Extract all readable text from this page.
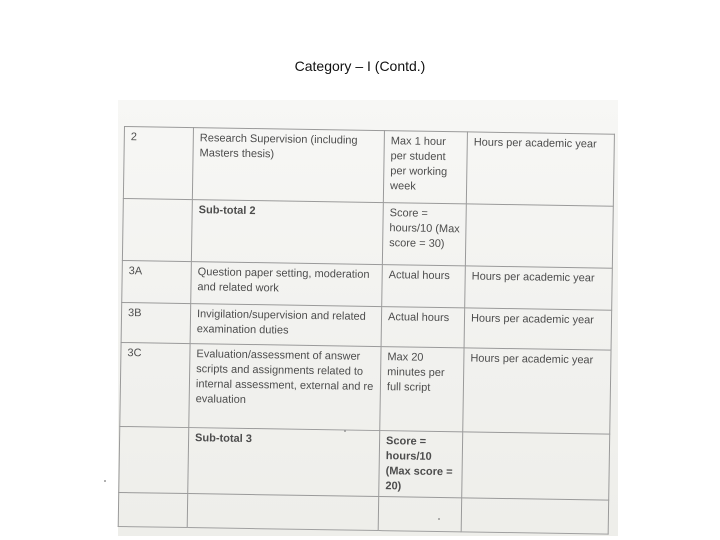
Category – I (Contd.)
2	Research Supervision (including Masters thesis)	Max 1 hour per student per working week	Hours per academic year
	Sub-total 2	Score = hours/10 (Max score = 30)	
3A	Question paper setting, moderation and related work	Actual hours	Hours per academic year
3B	Invigilation/supervision and related examination duties	Actual hours	Hours per academic year
3C	Evaluation/assessment of answer scripts and assignments related to internal assessment, external and re evaluation	Max 20 minutes per full script	Hours per academic year
	Sub-total 3	Score = hours/10 (Max score = 20)	
